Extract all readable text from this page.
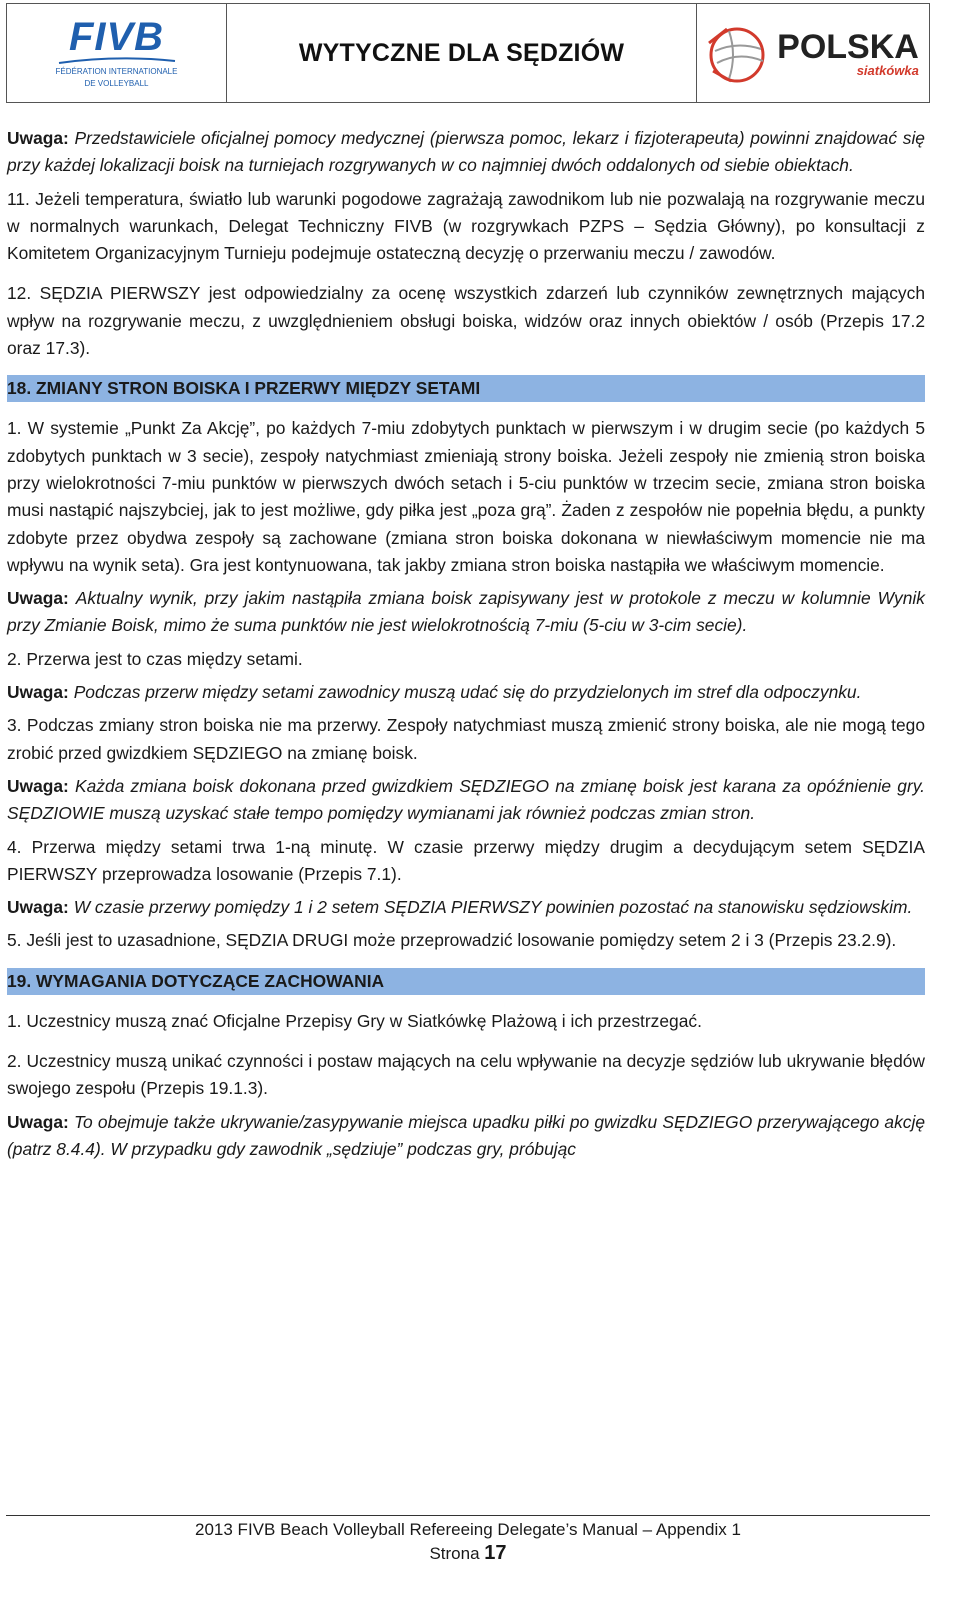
FIVB
FÉDÉRATION INTERNATIONALE
DE VOLLEYBALL
WYTYCZNE DLA SĘDZIÓW	POLSKA
siatkówka

Uwaga: Przedstawiciele oficjalnej pomocy medycznej (pierwsza pomoc, lekarz i fizjoterapeuta) powinni znajdować się przy każdej lokalizacji boisk na turniejach rozgrywanych w co najmniej dwóch oddalonych od siebie obiektach.

11. Jeżeli temperatura, światło lub warunki pogodowe zagrażają zawodnikom lub nie pozwalają na rozgrywanie meczu w normalnych warunkach, Delegat Techniczny FIVB (w rozgrywkach PZPS – Sędzia Główny), po konsultacji z Komitetem Organizacyjnym Turnieju podejmuje ostateczną decyzję o przerwaniu meczu / zawodów.

12. SĘDZIA PIERWSZY jest odpowiedzialny za ocenę wszystkich zdarzeń lub czynników zewnętrznych mających wpływ na rozgrywanie meczu, z uwzględnieniem obsługi boiska, widzów oraz innych obiektów / osób (Przepis 17.2 oraz 17.3).

18. ZMIANY STRON BOISKA I PRZERWY MIĘDZY SETAMI

1. W systemie „Punkt Za Akcję”, po każdych 7-miu zdobytych punktach w pierwszym i w drugim secie (po każdych 5 zdobytych punktach w 3 secie), zespoły natychmiast zmieniają strony boiska. Jeżeli zespoły nie zmienią stron boiska przy wielokrotności 7-miu punktów w pierwszych dwóch setach i 5-ciu punktów w trzecim secie, zmiana stron boiska musi nastąpić najszybciej, jak to jest możliwe, gdy piłka jest „poza grą”. Żaden z zespołów nie popełnia błędu, a punkty zdobyte przez obydwa zespoły są zachowane (zmiana stron boiska dokonana w niewłaściwym momencie nie ma wpływu na wynik seta). Gra jest kontynuowana, tak jakby zmiana stron boiska nastąpiła we właściwym momencie.

Uwaga: Aktualny wynik, przy jakim nastąpiła zmiana boisk zapisywany jest w protokole z meczu w kolumnie Wynik przy Zmianie Boisk, mimo że suma punktów nie jest wielokrotnością 7-miu (5-ciu w 3-cim secie).

2. Przerwa jest to czas między setami.

Uwaga: Podczas przerw między setami zawodnicy muszą udać się do przydzielonych im stref dla odpoczynku.

3. Podczas zmiany stron boiska nie ma przerwy. Zespoły natychmiast muszą zmienić strony boiska, ale nie mogą tego zrobić przed gwizdkiem SĘDZIEGO na zmianę boisk.

Uwaga: Każda zmiana boisk dokonana przed gwizdkiem SĘDZIEGO na zmianę boisk jest karana za opóźnienie gry. SĘDZIOWIE muszą uzyskać stałe tempo pomiędzy wymianami jak również podczas zmian stron.

4. Przerwa między setami trwa 1-ną minutę. W czasie przerwy między drugim a decydującym setem SĘDZIA PIERWSZY przeprowadza losowanie (Przepis 7.1).

Uwaga: W czasie przerwy pomiędzy 1 i 2 setem SĘDZIA PIERWSZY powinien pozostać na stanowisku sędziowskim.

5. Jeśli jest to uzasadnione, SĘDZIA DRUGI może przeprowadzić losowanie pomiędzy setem 2 i 3 (Przepis 23.2.9).

19. WYMAGANIA DOTYCZĄCE ZACHOWANIA

1. Uczestnicy muszą znać Oficjalne Przepisy Gry w Siatkówkę Plażową i ich przestrzegać.

2. Uczestnicy muszą unikać czynności i postaw mających na celu wpływanie na decyzje sędziów lub ukrywanie błędów swojego zespołu (Przepis 19.1.3).

Uwaga: To obejmuje także ukrywanie/zasypywanie miejsca upadku piłki po gwizdku SĘDZIEGO przerywającego akcję (patrz 8.4.4). W przypadku gdy zawodnik „sędziuje” podczas gry, próbując

2013 FIVB Beach Volleyball Refereeing Delegate’s Manual – Appendix 1
Strona 17
